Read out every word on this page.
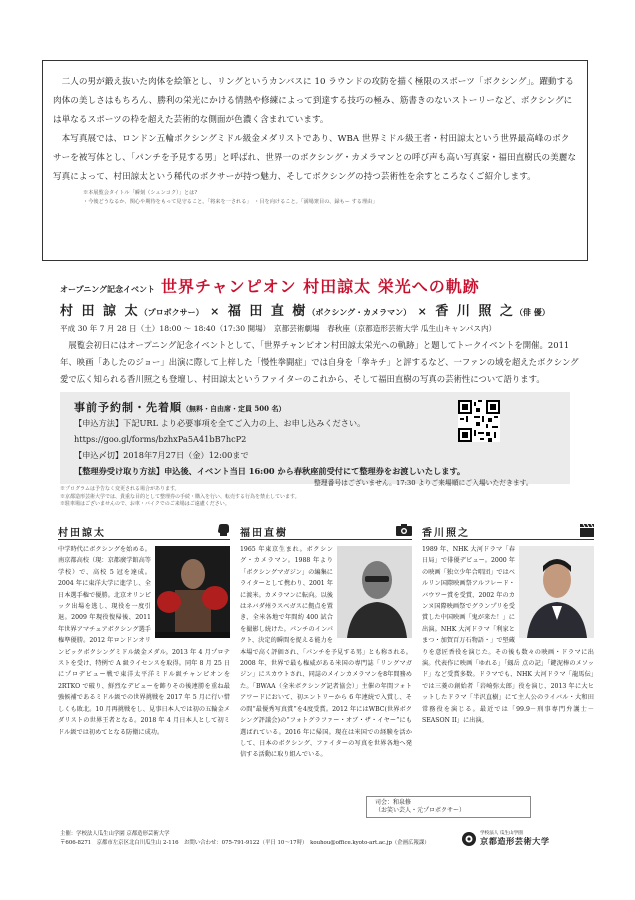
二人の男が鍛え抜いた肉体を絵筆とし、リングというカンバスに 10 ラウンドの攻防を描く極限のスポーツ「ボクシング」。躍動する肉体の美しさはもちろん、勝利の栄光にかける情熱や修練によって到達する技巧の極み、筋書きのないストーリーなど、ボクシングには単なるスポーツの枠を超えた芸術的な側面が色濃く含まれています。

本写真展では、ロンドン五輪ボクシングミドル級金メダリストであり、WBA 世界ミドル級王者・村田諒太という世界最高峰のボクサーを被写体とし、「パンチを予見する男」と呼ばれ、世界一のボクシング・カメラマンとの呼び声も高い写真家・福田直樹氏の美麗な写真によって、村田諒太という稀代のボクサーが持つ魅力、そしてボクシングの持つ芸術性を余すところなくご紹介します。

※本展覧会タイトル「瞬刻（シュンコク）」とは?
・今後どうなるか、関心や期待をもって見守ること。「将来を一される」　・目を向けること。「満場衆目の、録もー する理由」
オープニング記念イベント 世界チャンピオン 村田諒太 栄光への軌跡
村 田 諒 太（プロボクサー） × 福 田 直 樹（ボクシング・カメラマン） × 香 川 照 之（俳 優）
平成 30 年 7 月 28 日（土）18:00 ～ 18:40（17:30 開場）　京都芸術劇場　春秋座（京都造形芸術大学 瓜生山キャンパス内）

展覧会初日にはオープニング記念イベントとして、「世界チャンピオン村田諒太栄光への軌跡」と題してトークイベントを開催。2011 年、映画「あしたのジョー」出演に際して上梓した「慢性拳闘症」では自身を「拳キチ」と評するなど、一ファンの域を超えたボクシング愛で広く知られる香川照之も登壇し、村田諒太というファイターのこれから、そして福田直樹の写真の芸術性について語ります。

事前予約制・先着順（無料・自由席・定員 500 名）
【申込方法】下記URL より必要事項を全てご入力の上、お申し込みください。
https://goo.gl/forms/bzhxPa5A41bB7hcP2
【申込〆切】2018年7月27日（金）12:00まで
【整理券受け取り方法】申込後、イベント当日 16:00 から春秋座前受付にて整理券をお渡しいたします。
整理番号はございません。17:30 よりご来場順にご入場いただきます。
※プログラムは予告なく変更される場合があります。
※京都造形芸術大学では、貴重な目的として整理券の手続・購入を行い、転売する行為を禁止しています。
※駐車場はございませんので、お車・バイクでのご来場はご遠慮ください。
村田諒太
中学時代にボクシングを始める。南京都高校（現：京都廣学館高等学校）で、高校 5 冠を達成。2004 年に東洋大学に進学し、全日本選手権で優勝。北京オリンピック出場を逃し、現役を一度引退。2009 年現役復帰後、2011 年世界アマチュアボクシング選手権準優勝。2012 年ロンドンオリンピックボクシングミドル級金メダル。2013 年 4 月プロテストを受け、特例で A 級ライセンスを取得。同年 8 月 25 日にプロデビュー戦で東洋太平洋ミドル級チャンピオンを 2RTKO で破り、鮮烈なデビューを飾りその後連勝を重ね最強候補であるミドル級での世界挑戦を 2017 年 5 月に行い惜しくも敗北。10 月再挑戦をし、見事日本人では初の五輪金メダリストの世界王者となる。2018 年 4 月日本人として初ミドル級では初めてとなる防衛に成功。
福田直樹
1965 年東京生まれ。ボクシング・カメラマン。1988 年より「ボクシングマガジン」の編集にライターとして携わり、2001 年に渡米。カメラマンに転向。以後はネバダ州ラスベガスに拠点を置き、全米各地で年間約 400 試合を撮影し続けた。パンチのインパクト、決定的瞬間を捉える能力を本場で高く評価され、「パンチを予見する男」とも称される。2008 年、世界で最も権威がある米国の専門誌「リングマガジン」にスカウトされ、同誌のメインカメラマンを8年間務めた。「BWAA（全米ボクシング記者協会）」主催の年間フォトアワードにおいて、初エントリーから 6 年連続で入賞し、その間“最優秀写真賞”を4度受賞。2012 年にはWBC(世界ボクシング評議会)の“フォトグラファー・オブ・ザ・イヤー”にも選ばれている。2016 年に帰国。現在は米国での経験を活かして、日本のボクシング、ファイターの写真を世界各地へ発信する活動に取り組んでいる。
香川照之
1989 年、NHK 大河ドラマ「春日局」で俳優デビュー。2000 年の映画「独立少年合唱団」ではベルリン国際映画祭アルフレード・バウワー賞を受賞、2002 年のカンヌ国際映画祭でグランプリを受賞した中国映画「鬼が来た！」に出演。NHK 大河ドラマ「利家とまつ・加賀百万石物語・」で堅蔵りを意匠香役を演じた。その後も数々の映画・ドラマに出演。代表作に映画「ゆれる」「劔岳 点の記」「鍵泥棒のメソッド」など受賞多数。ドラマでも、NHK 大河ドラマ「龍馬伝」では三菱の創始者「岩崎弥太郎」役を演じ、2013 年に大ヒットしたドラマ「半沢直樹」にて主人公のライバル・大和田常務役を演じる。最近では「99.9－刑事専門弁護士－SEASON II」に出演。
司会：和泉修
（お笑い芸人・元プロボクサー）
主催：学校法人瓜生山学園 京都造形芸術大学
〒606-8271　京都市左京区北白川瓜生山 2-116　お問い合わせ：075-791-9122（平日 10～17時）　kouhou@office.kyoto-art.ac.jp（企画広報課）
学校法人 瓜生山学園
京都造形芸術大学
